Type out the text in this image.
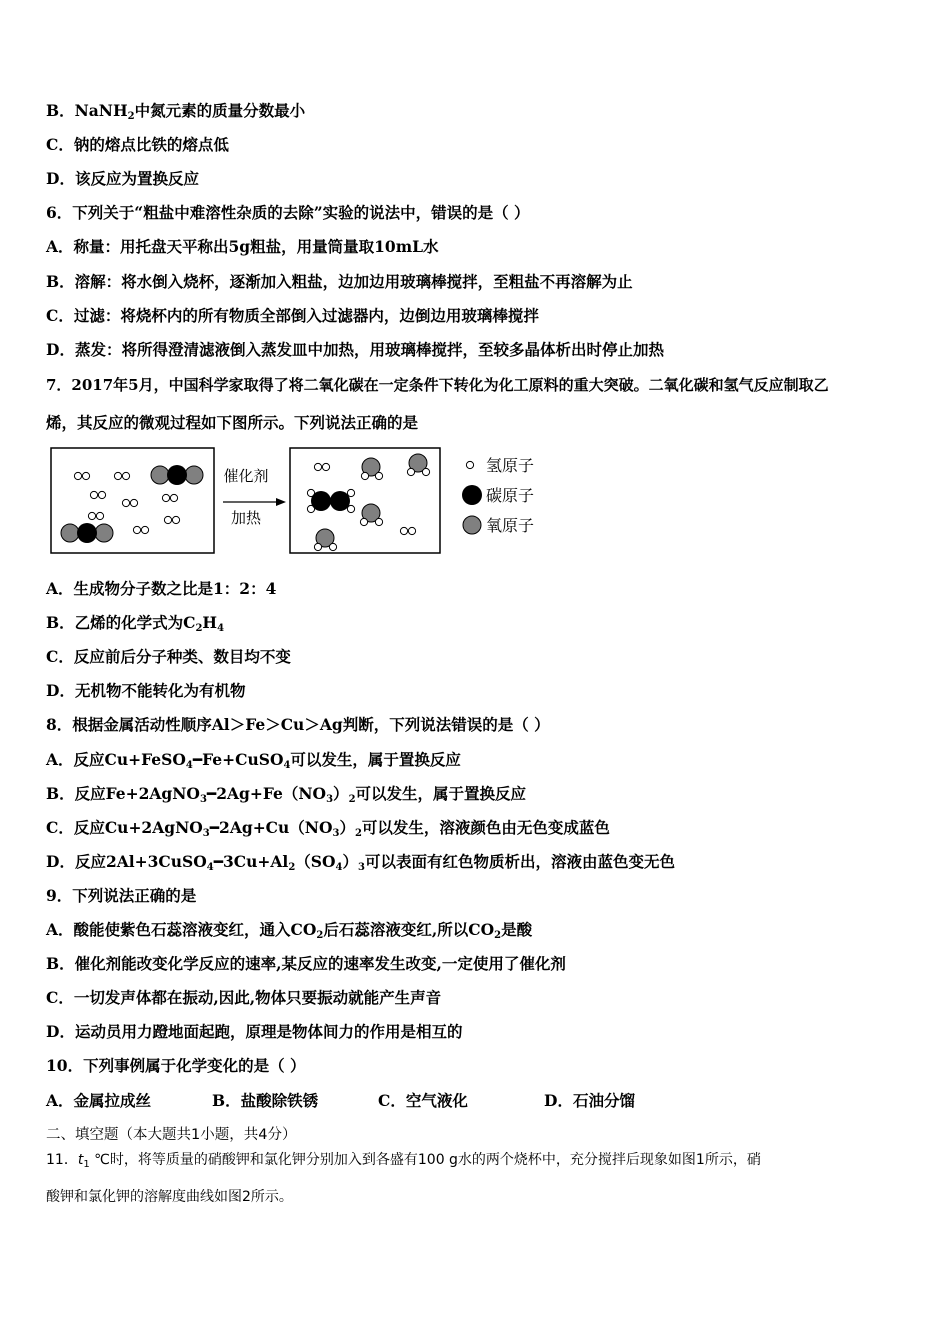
B．NaNH$_2$中氮元素的质量分数最小
C．钠的熔点比铁的熔点低
D．该反应为置换反应
6．下列关于“粗盐中难溶性杂质的去除”实验的说法中，错误的是（ ）
A．称量：用托盘天平称出5g粗盐，用量筒量取10mL水
B．溶解：将水倒入烧杯，逐渐加入粗盐，边加边用玻璃棒搅拌，至粗盐不再溶解为止
C．过滤：将烧杯内的所有物质全部倒入过滤器内，边倒边用玻璃棒搅拌
D．蒸发：将所得澄清滤液倒入蒸发皿中加热，用玻璃棒搅拌，至较多晶体析出时停止加热
7．2017年5月，中国科学家取得了将二氧化碳在一定条件下转化为化工原料的重大突破。二氧化碳和氢气反应制取乙
烯，其反应的微观过程如下图所示。下列说法正确的是
催化剂
加热
氢原子
碳原子
氧原子
A．生成物分子数之比是1：2：4
B．乙烯的化学式为$C_2H_4$
C．反应前后分子种类、数目均不变
D．无机物不能转化为有机物
8．根据金属活动性顺序Al＞Fe＞Cu＞Ag判断，下列说法错误的是（ ）
A．反应Cu+FeSO$_4$━Fe+CuSO$_4$可以发生，属于置换反应
B．反应$Fe+2AgNO_3━2Ag+Fe(NO_3)_2$可以发生，属于置换反应
C．反应$Cu+2AgNO_3━2Ag+Cu(NO_3)_2$可以发生，溶液颜色由无色变成蓝色
D．反应$2Al+3CuSO_4━3Cu+Al_2(SO_4)_3$可以表面有红色物质析出，溶液由蓝色变无色
9．下列说法正确的是
A．酸能使紫色石蕊溶液变红，通入$CO_2$后石蕊溶液变红,所以$CO_2$是酸
B．催化剂能改变化学反应的速率,某反应的速率发生改变,一定使用了催化剂
C．一切发声体都在振动,因此,物体只要振动就能产生声音
D．运动员用力蹬地面起跑，原理是物体间力的作用是相互的
10．下列事例属于化学变化的是（ ）
A．金属拉成丝	B．盐酸除铁锈	C．空气液化	D．石油分馏
二、填空题（本大题共1小题，共4分）
11．$t_1$ ℃时，将等质量的硝酸钾和氯化钾分别加入到各盛有100 g水的两个烧杯中，充分搅拌后现象如图1所示，硝
酸钾和氯化钾的溶解度曲线如图2所示。
